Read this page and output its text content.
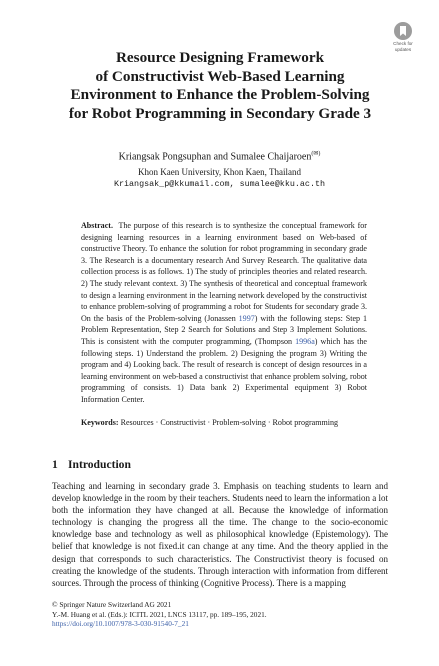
Check for
updates
Resource Designing Framework
of Constructivist Web-Based Learning
Environment to Enhance the Problem-Solving
for Robot Programming in Secondary Grade 3
Kriangsak Pongsuphan and Sumalee Chaijaroen(✉)
Khon Kaen University, Khon Kaen, Thailand
Kriangsak_p@kkumail.com, sumalee@kku.ac.th
Abstract. The purpose of this research is to synthesize the conceptual framework for designing learning resources in a learning environment based on Web-based of constructive Theory. To enhance the solution for robot programming in secondary grade 3. The Research is a documentary research And Survey Research. The qualitative data collection process is as follows. 1) The study of principles theories and related research. 2) The study relevant context. 3) The synthesis of theoretical and conceptual framework to design a learning environment in the learning network developed by the constructivist to enhance problem-solving of programming a robot for Students for secondary grade 3. On the basis of the Problem-solving (Jonassen 1997) with the following steps: Step 1 Problem Representation, Step 2 Search for Solutions and Step 3 Implement Solutions. This is consistent with the computer programming, (Thompson 1996a) which has the following steps. 1) Understand the problem. 2) Designing the program 3) Writing the program and 4) Looking back. The result of research is concept of design resources in a learning environment on web-based a constructivist that enhance problem solving, robot programming of consists. 1) Data bank 2) Experimental equipment 3) Robot Information Center.
Keywords: Resources · Constructivist · Problem-solving · Robot programming
1 Introduction
Teaching and learning in secondary grade 3. Emphasis on teaching students to learn and develop knowledge in the room by their teachers. Students need to learn the information a lot both the information they have changed at all. Because the knowledge of information technology is changing the progress all the time. The change to the socio-economic knowledge base and technology as well as philosophical knowledge (Epistemology). The belief that knowledge is not fixed.it can change at any time. And the theory applied in the design that corresponds to such characteristics. The Constructivist theory is focused on creating the knowledge of the students. Through interaction with information from different sources. Through the process of thinking (Cognitive Process). There is a mapping
© Springer Nature Switzerland AG 2021
Y.-M. Huang et al. (Eds.): ICITL 2021, LNCS 13117, pp. 189–195, 2021.
https://doi.org/10.1007/978-3-030-91540-7_21
